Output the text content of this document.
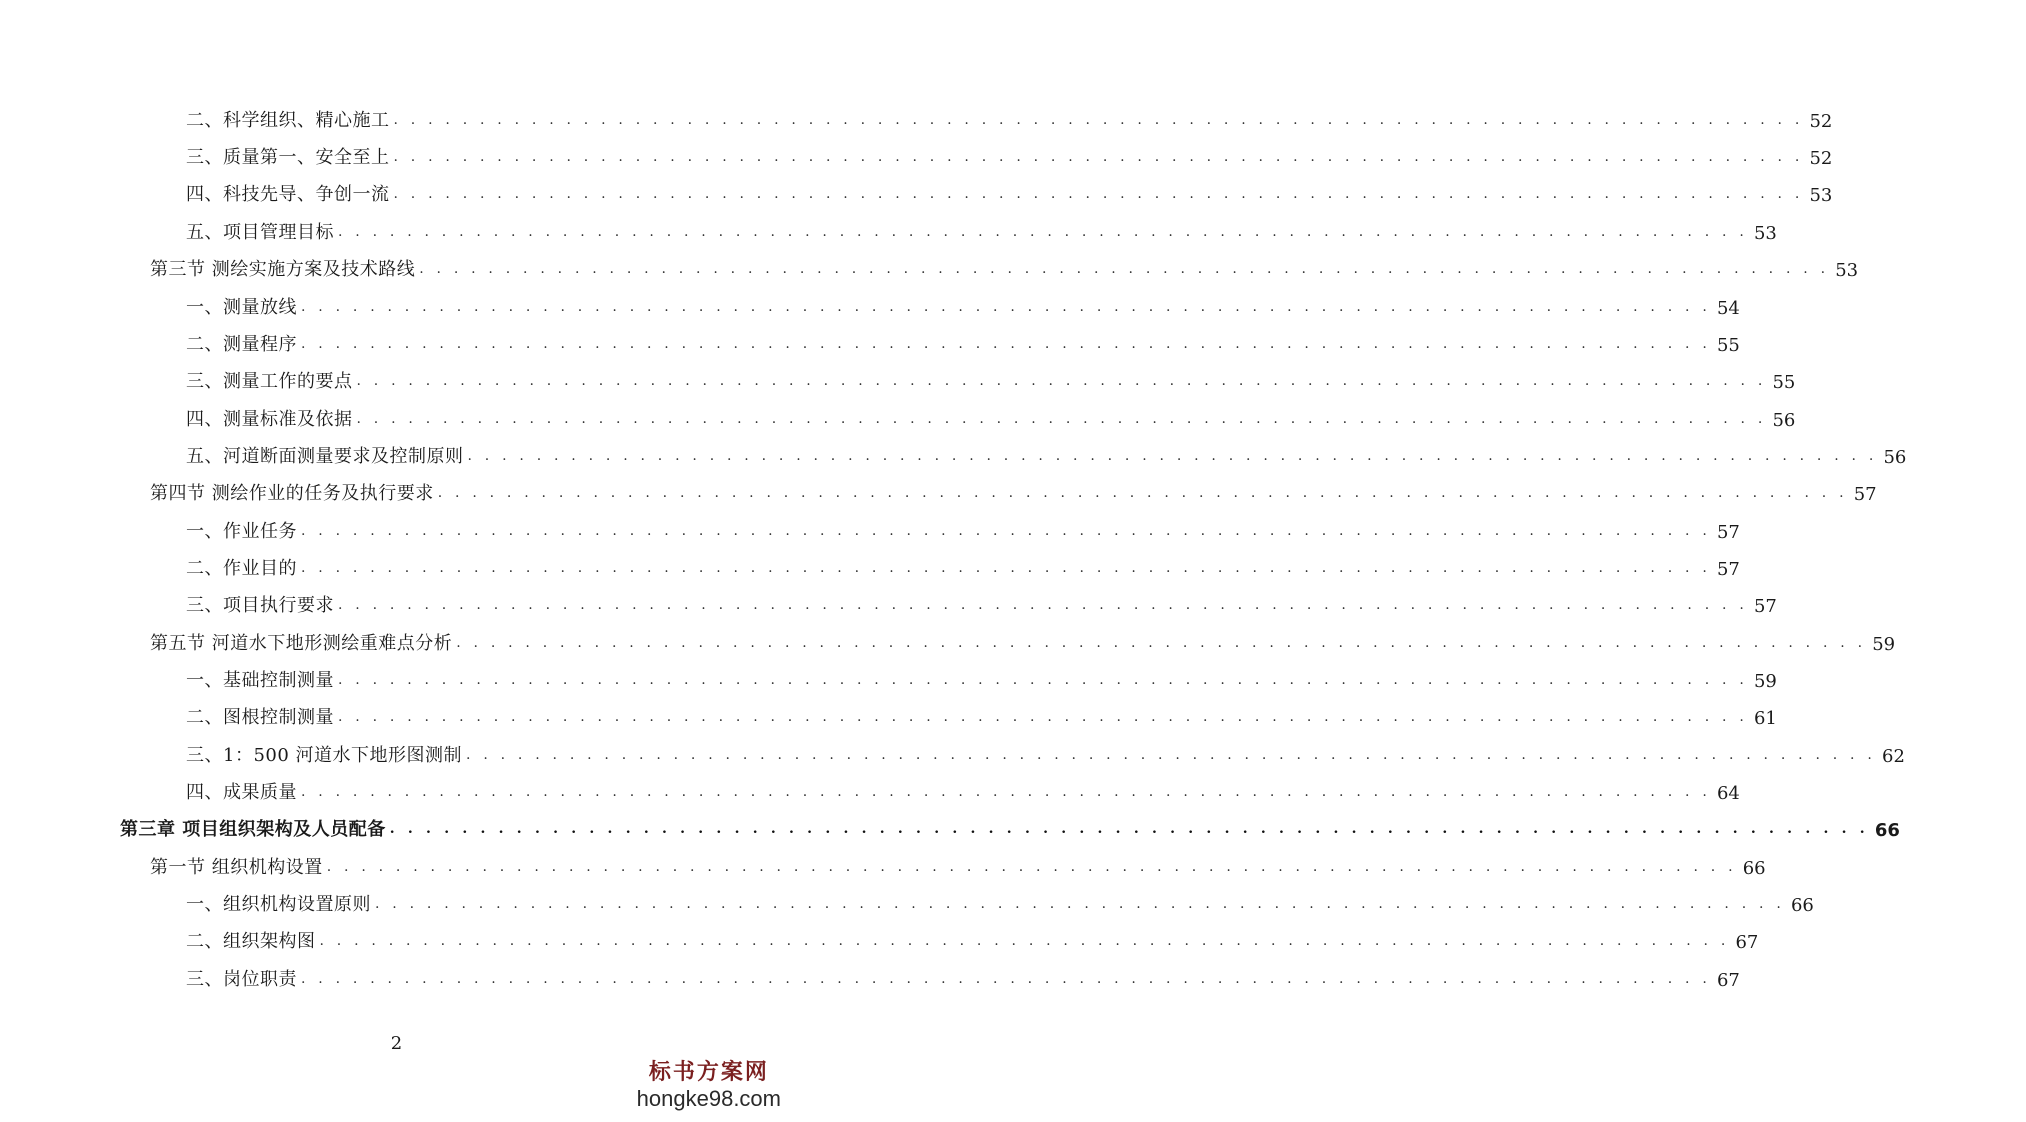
二、科学组织、精心施工 . . .	52
三、质量第一、安全至上 . . .	52
四、科技先导、争创一流 . . .	53
五、项目管理目标 . . .	53
第三节 测绘实施方案及技术路线 . . .	53
一、测量放线 . . .	54
二、测量程序 . . .	55
三、测量工作的要点 . . .	55
四、测量标准及依据 . . .	56
五、河道断面测量要求及控制原则 . . .	56
第四节 测绘作业的任务及执行要求 . . .	57
一、作业任务 . . .	57
二、作业目的 . . .	57
三、项目执行要求 . . .	57
第五节 河道水下地形测绘重难点分析 . . .	59
一、基础控制测量 . . .	59
二、图根控制测量 . . .	61
三、1：500 河道水下地形图测制 . . .	62
四、成果质量 . . .	64
第三章 项目组织架构及人员配备 . . .	66
第一节 组织机构设置 . . .	66
一、组织机构设置原则 . . .	66
二、组织架构图 . . .	67
三、岗位职责 . . .	67
2
标书方案网
hongke98.com
